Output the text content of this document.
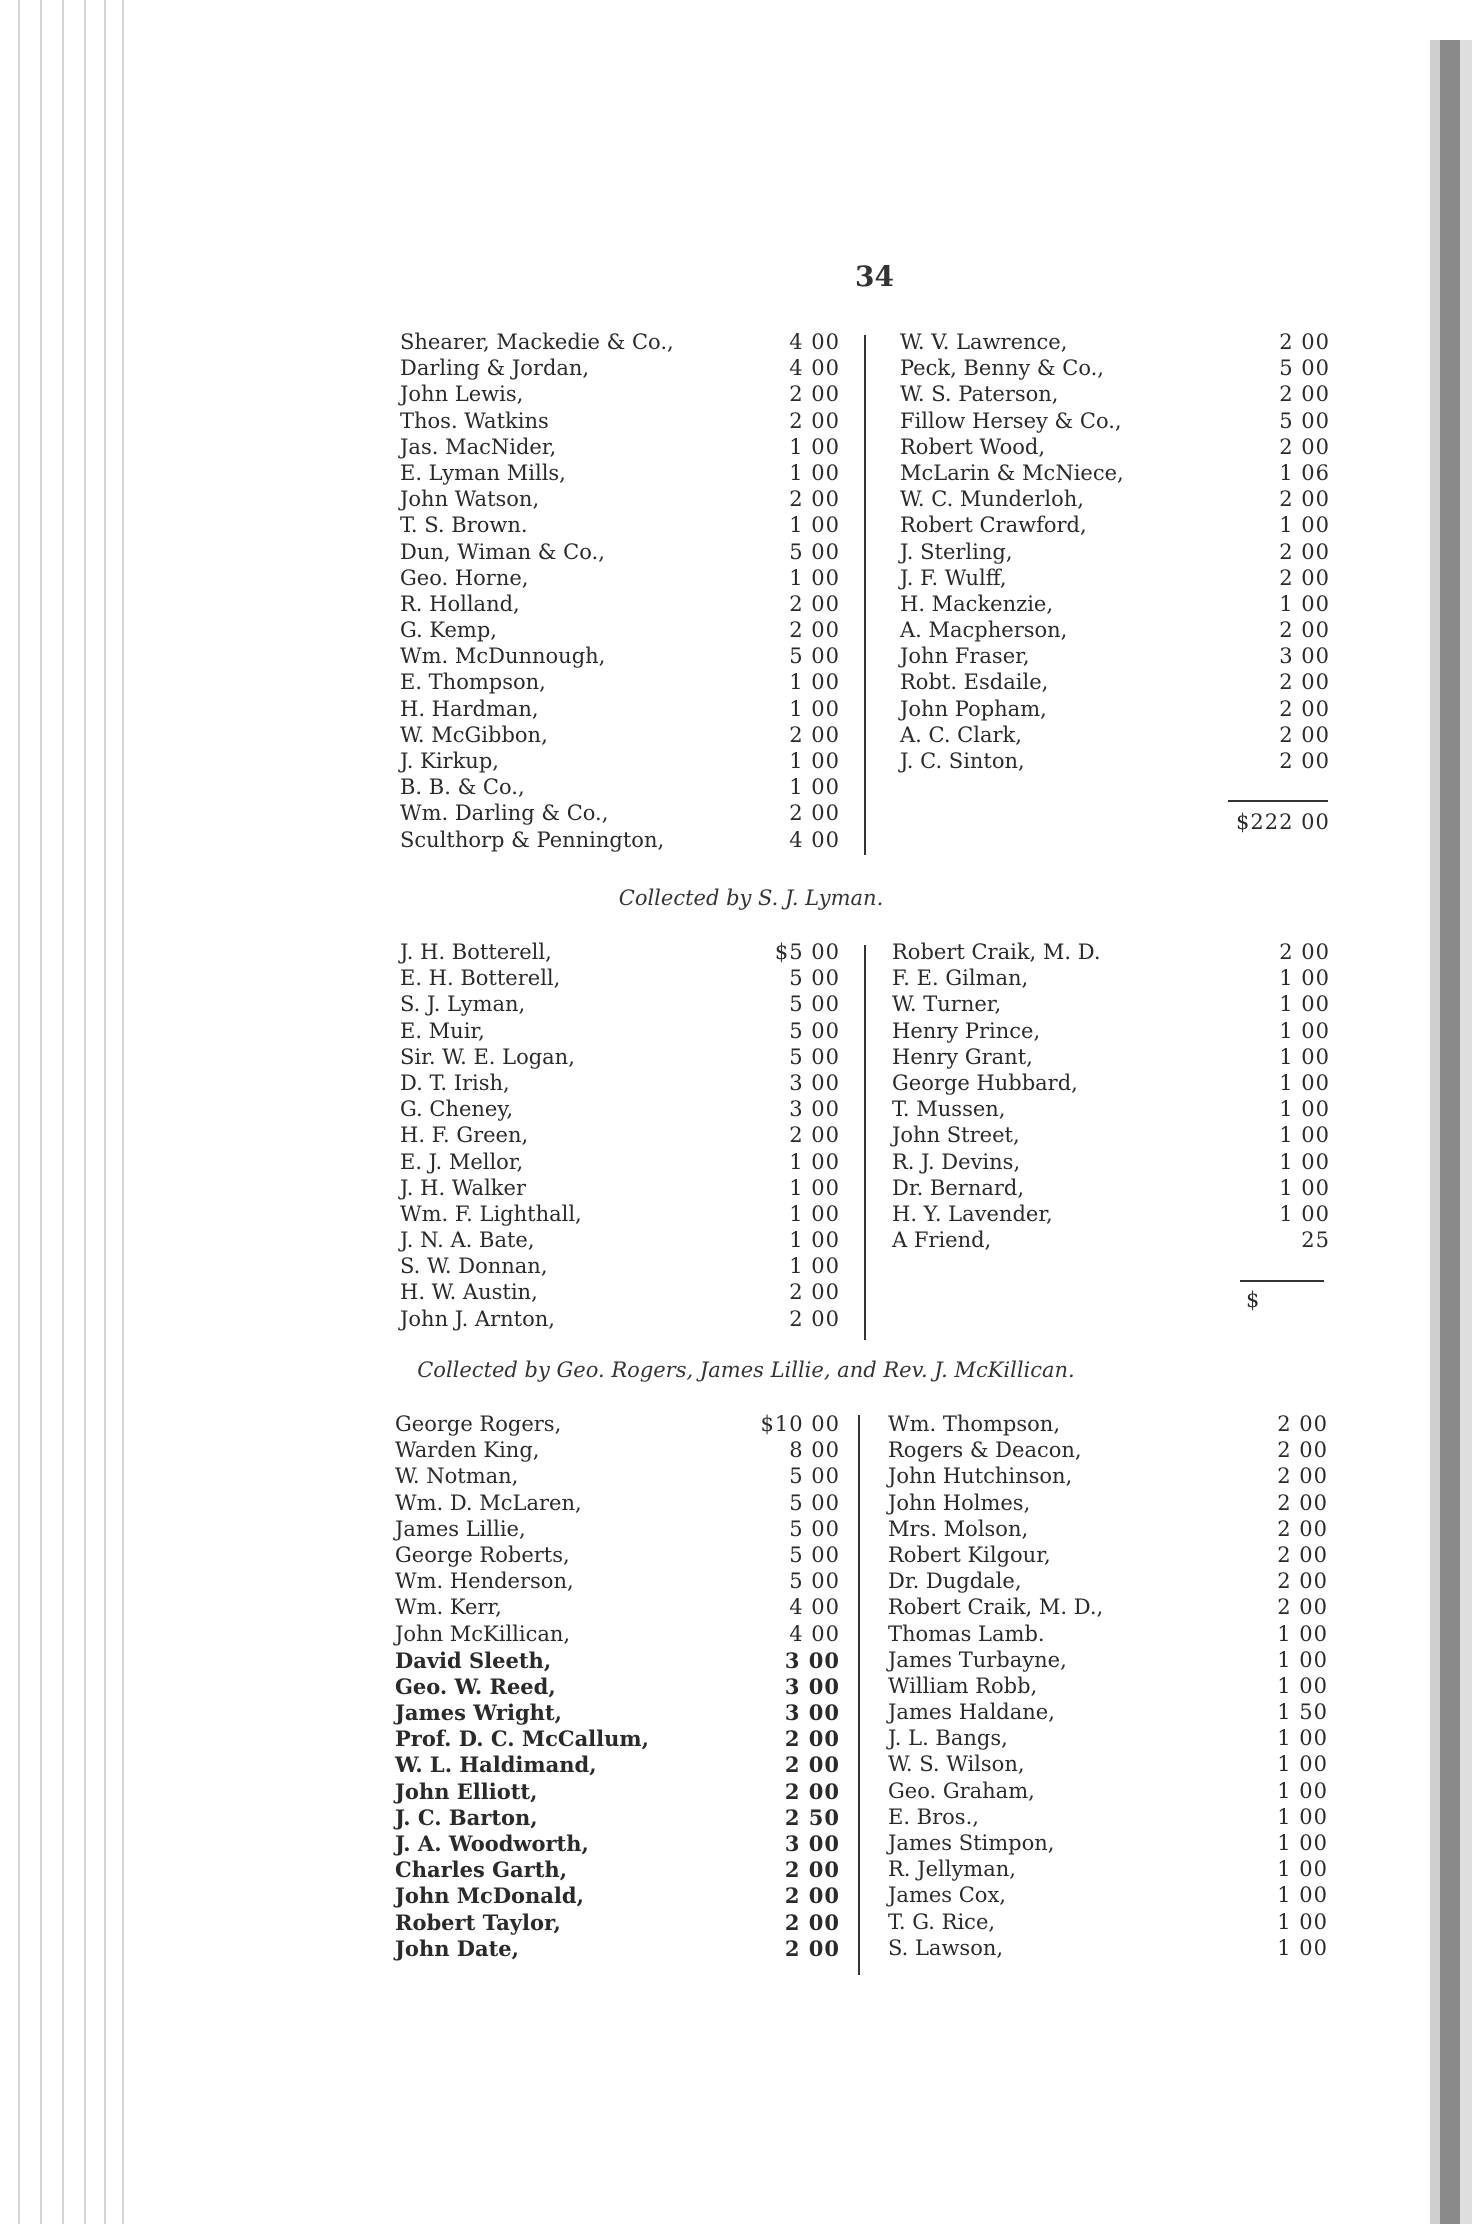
34
Shearer, Mackedie & Co.,	4 00
Darling & Jordan,	4 00
John Lewis,	2 00
Thos. Watkins	2 00
Jas. MacNider,	1 00
E. Lyman Mills,	1 00
John Watson,	2 00
T. S. Brown.	1 00
Dun, Wiman & Co.,	5 00
Geo. Horne,	1 00
R. Holland,	2 00
G. Kemp,	2 00
Wm. McDunnough,	5 00
E. Thompson,	1 00
H. Hardman,	1 00
W. McGibbon,	2 00
J. Kirkup,	1 00
B. B. & Co.,	1 00
Wm. Darling & Co.,	2 00
Sculthorp & Pennington,	4 00
W. V. Lawrence,	2 00
Peck, Benny & Co.,	5 00
W. S. Paterson,	2 00
Fillow Hersey & Co.,	5 00
Robert Wood,	2 00
McLarin & McNiece,	1 06
W. C. Munderloh,	2 00
Robert Crawford,	1 00
J. Sterling,	2 00
J. F. Wulff,	2 00
H. Mackenzie,	1 00
A. Macpherson,	2 00
John Fraser,	3 00
Robt. Esdaile,	2 00
John Popham,	2 00
A. C. Clark,	2 00
J. C. Sinton,	2 00
$222 00
Collected by S. J. Lyman.
J. H. Botterell,	$5 00
E. H. Botterell,	5 00
S. J. Lyman,	5 00
E. Muir,	5 00
Sir. W. E. Logan,	5 00
D. T. Irish,	3 00
G. Cheney,	3 00
H. F. Green,	2 00
E. J. Mellor,	1 00
J. H. Walker	1 00
Wm. F. Lighthall,	1 00
J. N. A. Bate,	1 00
S. W. Donnan,	1 00
H. W. Austin,	2 00
John J. Arnton,	2 00
Robert Craik, M. D.	2 00
F. E. Gilman,	1 00
W. Turner,	1 00
Henry Prince,	1 00
Henry Grant,	1 00
George Hubbard,	1 00
T. Mussen,	1 00
John Street,	1 00
R. J. Devins,	1 00
Dr. Bernard,	1 00
H. Y. Lavender,	1 00
A Friend,	25
$
Collected by Geo. Rogers, James Lillie, and Rev. J. McKillican.
George Rogers,	$10 00
Warden King,	8 00
W. Notman,	5 00
Wm. D. McLaren,	5 00
James Lillie,	5 00
George Roberts,	5 00
Wm. Henderson,	5 00
Wm. Kerr,	4 00
John McKillican,	4 00
David Sleeth,	3 00
Geo. W. Reed,	3 00
James Wright,	3 00
Prof. D. C. McCallum,	2 00
W. L. Haldimand,	2 00
John Elliott,	2 00
J. C. Barton,	2 50
J. A. Woodworth,	3 00
Charles Garth,	2 00
John McDonald,	2 00
Robert Taylor,	2 00
John Date,	2 00
Wm. Thompson,	2 00
Rogers & Deacon,	2 00
John Hutchinson,	2 00
John Holmes,	2 00
Mrs. Molson,	2 00
Robert Kilgour,	2 00
Dr. Dugdale,	2 00
Robert Craik, M. D.,	2 00
Thomas Lamb.	1 00
James Turbayne,	1 00
William Robb,	1 00
James Haldane,	1 50
J. L. Bangs,	1 00
W. S. Wilson,	1 00
Geo. Graham,	1 00
E. Bros.,	1 00
James Stimpon,	1 00
R. Jellyman,	1 00
James Cox,	1 00
T. G. Rice,	1 00
S. Lawson,	1 00
